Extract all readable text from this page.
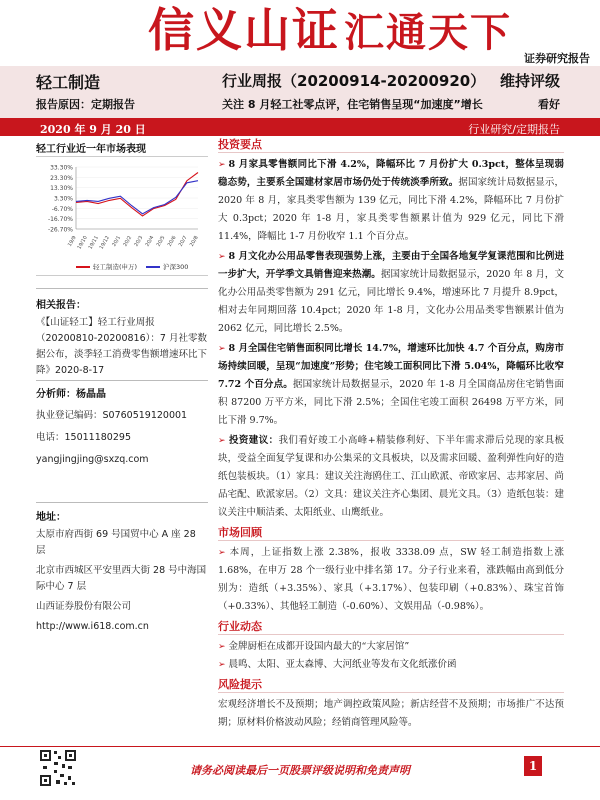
信义山证 汇通天下
证券研究报告
轻工制造
报告原因：定期报告
行业周报（20200914-20200920） 维持评级
关注 8 月轻工社零点评，住宅销售呈现“加速度”增长	看好
2020 年 9 月 20 日	行业研究/定期报告
轻工行业近一年市场表现
33.30%
23.30%
13.30%
3.30%
-6.70%
-16.70%
-26.70%
19/9
19/10
19/11
19/12 20/1 20/2 20/3 20/4 20/5 20/6 20/7 20/8
轻工制造(申万)	沪深300
相关报告：
《【山证轻工】轻工行业周报（20200810-20200816）：7 月社零数据公布，淡季轻工消费零售额增速环比下降》2020-8-17
分析师：杨晶晶
执业登记编码：S0760519120001
电话：15011180295
yangjingjing@sxzq.com
地址：
太原市府西街 69 号国贸中心 A 座 28 层
北京市西城区平安里西大街 28 号中海国际中心 7 层
山西证券股份有限公司
http://www.i618.com.cn
投资要点
➢ 8 月家具零售额同比下滑 4.2%，降幅环比 7 月份扩大 0.3pct，整体呈现弱稳态势，主要系全国建材家居市场仍处于传统淡季所致。据国家统计局数据显示，2020 年 8 月，家具类零售额为 139 亿元，同比下滑 4.2%，降幅环比 7 月份扩大 0.3pct；2020 年 1-8 月，家具类零售额累计值为 929 亿元，同比下滑 11.4%，降幅比 1-7 月份收窄 1.1 个百分点。
➢ 8 月文化办公用品零售表现强势上涨，主要由于全国各地复学复课范围和比例进一步扩大，开学季文具销售迎来热潮。据国家统计局数据显示，2020 年 8 月，文化办公用品类零售额为 291 亿元，同比增长 9.4%，增速环比 7 月提升 8.9pct，相对去年同期回落 10.4pct；2020 年 1-8 月，文化办公用品类零售额累计值为 2062 亿元，同比增长 2.5%。
➢ 8 月全国住宅销售面积同比增长 14.7%，增速环比加快 4.7 个百分点，购房市场持续回暖，呈现“加速度”形势；住宅竣工面积同比下滑 5.04%，降幅环比收窄 7.72 个百分点。据国家统计局数据显示，2020 年 1-8 月全国商品房住宅销售面积 87200 万平方米，同比下滑 2.5%；全国住宅竣工面积 26498 万平方米，同比下滑 9.7%。
➢ 投资建议：我们看好竣工小高峰+精装修利好、下半年需求滞后兑现的家具板块，受益全面复学复课和办公集采的文具板块，以及需求回暖、盈利弹性向好的造纸包装板块。（1）家具：建议关注海鸥住工、江山欧派、帝欧家居、志邦家居、尚品宅配、欧派家居。（2）文具：建议关注齐心集团、晨光文具。（3）造纸包装：建议关注中顺洁柔、太阳纸业、山鹰纸业。
市场回顾
➢ 本周，上证指数上涨 2.38%，报收 3338.09 点，SW 轻工制造指数上涨 1.68%，在申万 28 个一级行业中排名第 17。分子行业来看，涨跌幅由高到低分别为：造纸（+3.35%）、家具（+3.17%）、包装印刷（+0.83%）、珠宝首饰（+0.33%）、其他轻工制造（-0.60%）、文娱用品（-0.98%）。
行业动态
➢ 金牌厨柜在成都开设国内最大的“大家居馆”
➢ 晨鸣、太阳、亚太森博、大河纸业等发布文化纸涨价函
风险提示
宏观经济增长不及预期；地产调控政策风险；新店经营不及预期；市场推广不达预期；原材料价格波动风险；经销商管理风险等。
请务必阅读最后一页股票评级说明和免责声明	1
